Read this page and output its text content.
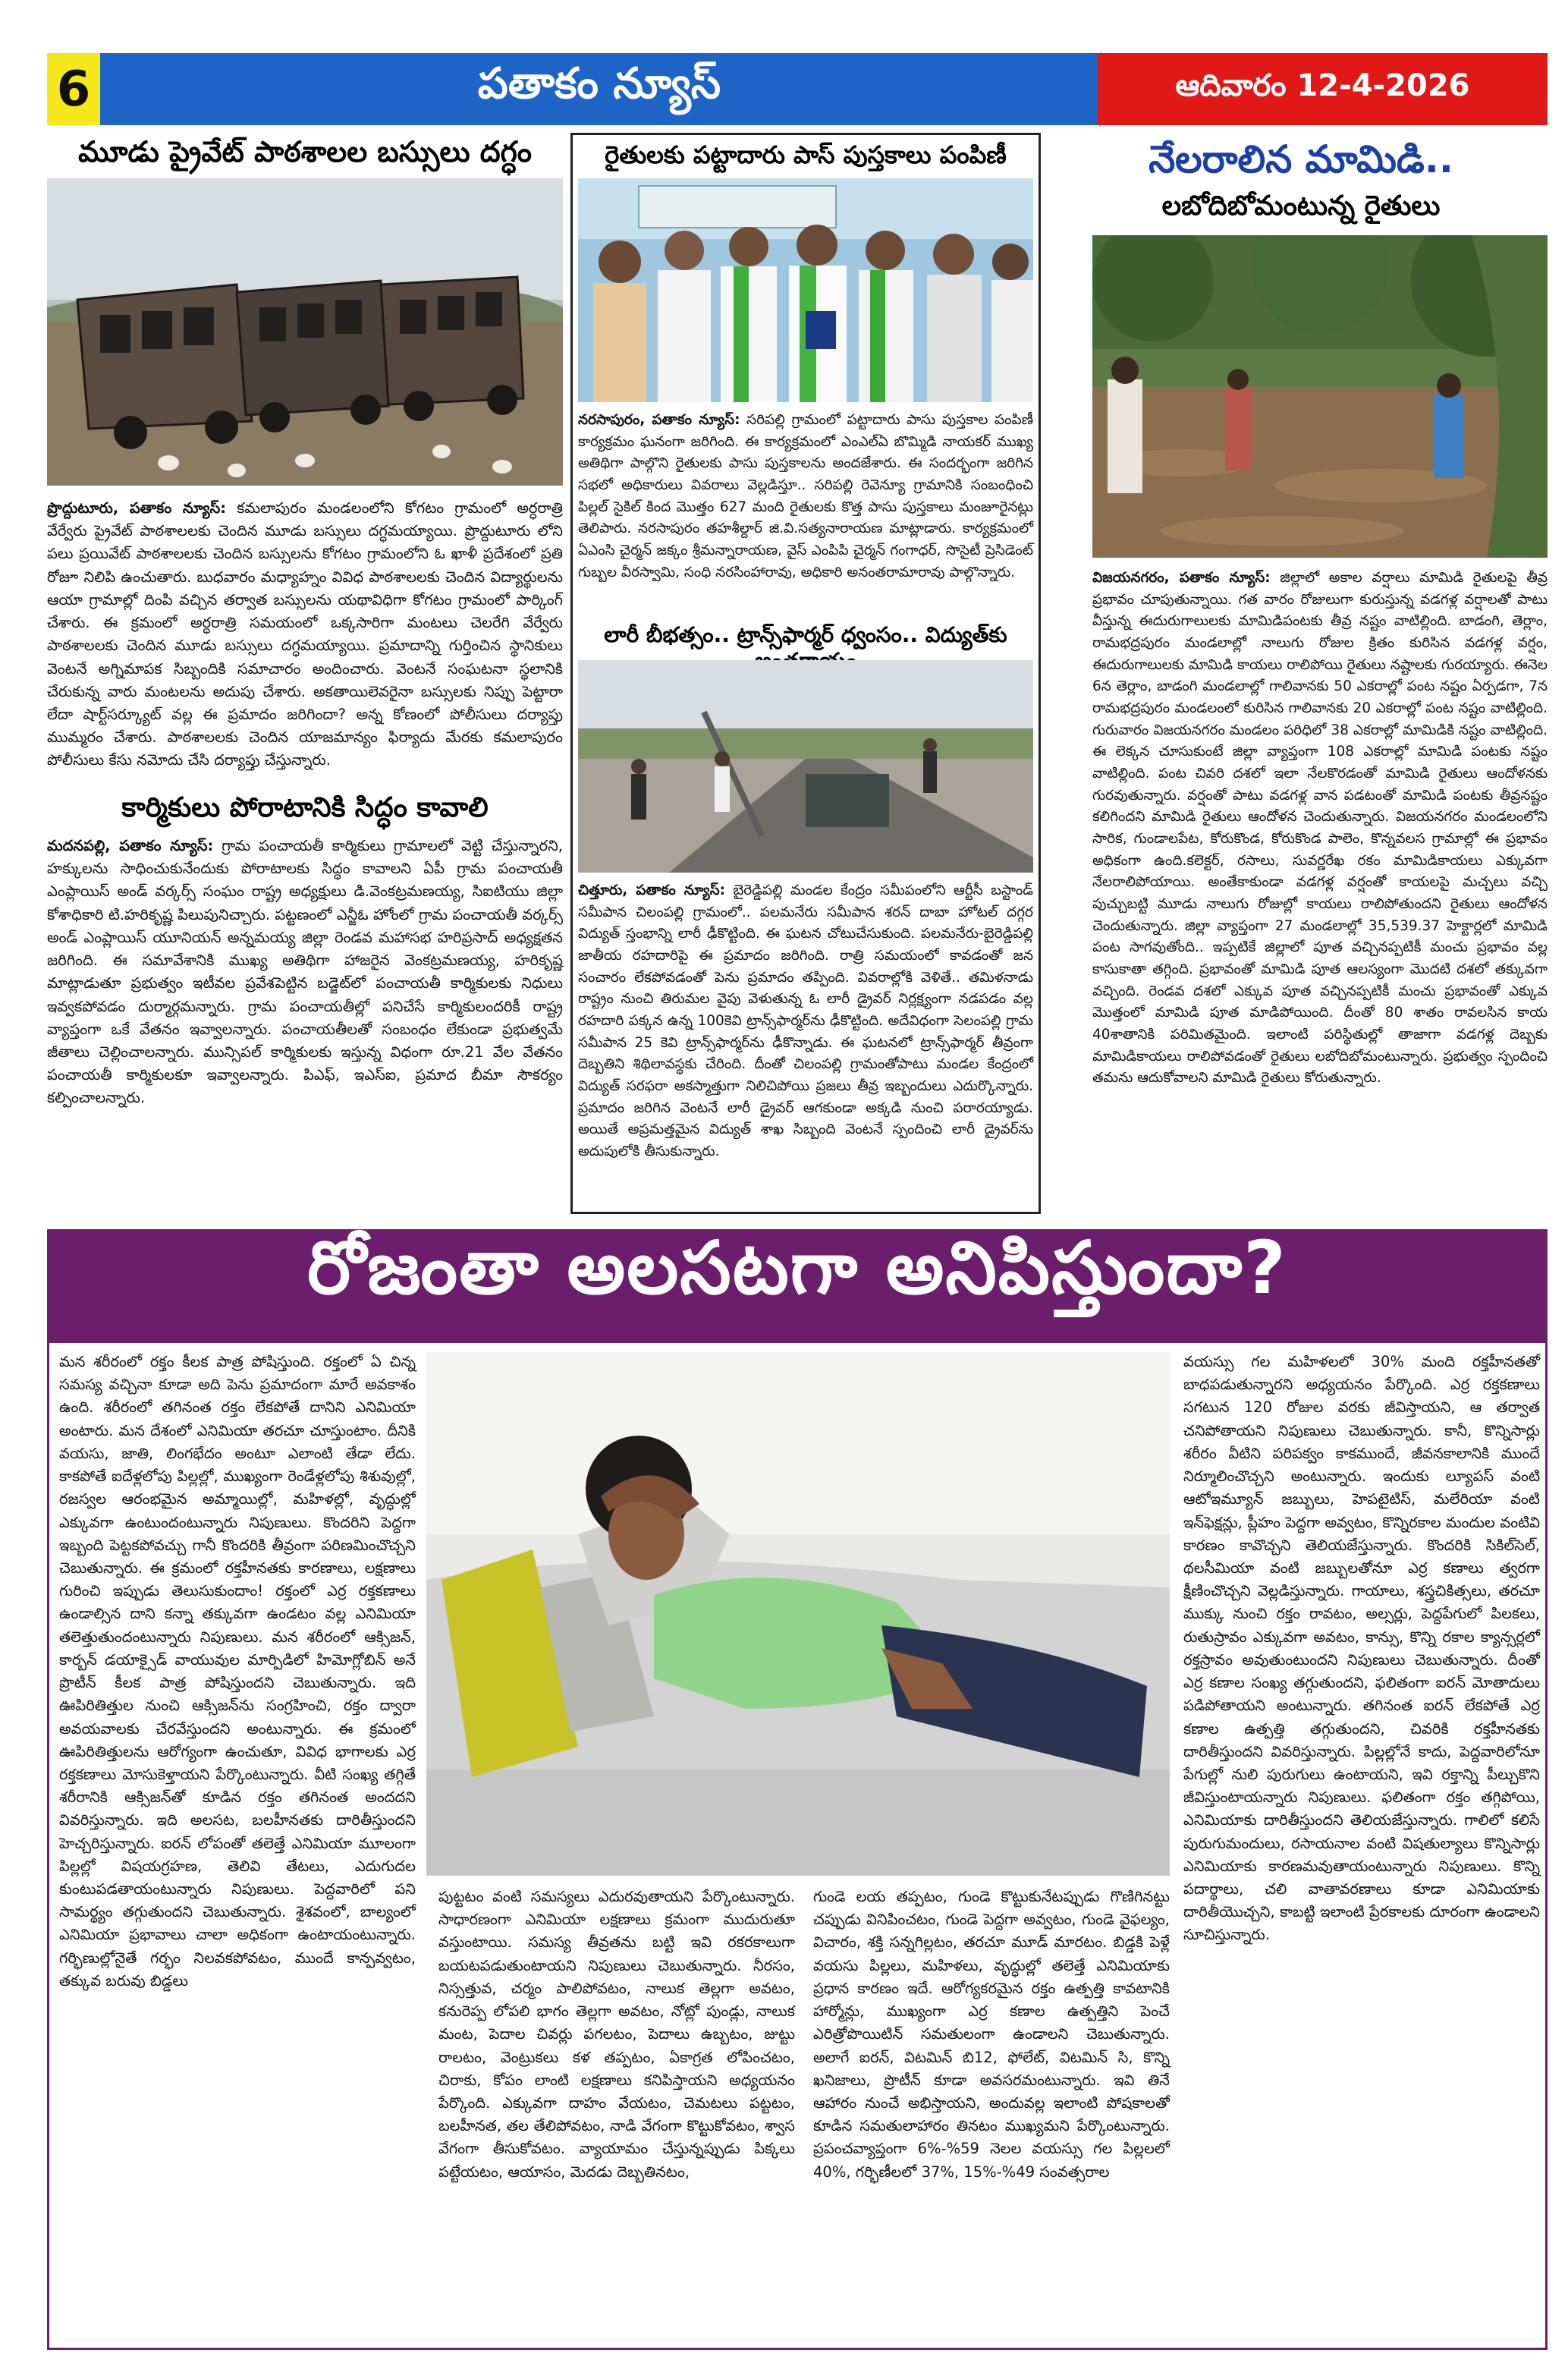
6	పతాకం న్యూస్	ఆదివారం 12-4-2026
మూడు ప్రైవేట్ పాఠశాలల బస్సులు దగ్ధం
ప్రొద్దుటూరు, పతాకం న్యూస్: కమలాపురం మండలంలోని కోగటం గ్రామంలో అర్ధరాత్రి వేర్వేరు ప్రైవేట్ పాఠశాలలకు చెందిన మూడు బస్సులు దగ్ధమయ్యాయి. ప్రొద్దుటూరు లోని పలు ప్రయివేట్ పాఠశాలలకు చెందిన బస్సులను కోగటం గ్రామంలోని ఓ ఖాళీ ప్రదేశంలో ప్రతి రోజూ నిలిపి ఉంచుతారు. బుధవారం మధ్యాహ్నం వివిధ పాఠశాలలకు చెందిన విద్యార్థులను ఆయా గ్రామాల్లో దింపి వచ్చిన తర్వాత బస్సులను యథావిధిగా కోగటం గ్రామంలో పార్కింగ్ చేశారు. ఈ క్రమంలో అర్ధరాత్రి సమయంలో ఒక్కసారిగా మంటలు చెలరేగి వేర్వేరు పాఠశాలలకు చెందిన మూడు బస్సులు దగ్ధమయ్యాయి. ప్రమాదాన్ని గుర్తించిన స్థానికులు వెంటనే అగ్నిమాపక సిబ్బందికి సమాచారం అందించారు. వెంటనే సంఘటనా స్థలానికి చేరుకున్న వారు మంటలను అదుపు చేశారు. అకతాయిలెవరైనా బస్సులకు నిప్పు పెట్టారా లేదా షార్ట్‌సర్క్యూట్ వల్ల ఈ ప్రమాదం జరిగిందా? అన్న కోణంలో పోలీసులు దర్యాప్తు ముమ్మరం చేశారు. పాఠశాలలకు చెందిన యాజమాన్యం ఫిర్యాదు మేరకు కమలాపురం పోలీసులు కేసు నమోదు చేసి దర్యాప్తు చేస్తున్నారు.
కార్మికులు పోరాటానికి సిద్ధం కావాలి
మదనపల్లి, పతాకం న్యూస్: గ్రామ పంచాయతీ కార్మికులు గ్రామాలలో వెట్టి చేస్తున్నారని, హక్కులను సాధించుకునేందుకు పోరాటాలకు సిద్ధం కావాలని ఏపీ గ్రామ పంచాయతీ ఎంప్లాయిస్ అండ్ వర్కర్స్ సంఘం రాష్ట్ర అధ్యక్షులు డి.వెంకట్రమణయ్య, సిఐటియు జిల్లా కోశాధికారి టి.హరికృష్ణ పిలుపునిచ్చారు. పట్టణంలో ఎన్జీఓ హోంలో గ్రామ పంచాయతీ వర్కర్స్ అండ్ ఎంప్లాయిస్ యూనియన్ అన్నమయ్య జిల్లా రెండవ మహాసభ హరిప్రసాద్ అధ్యక్షతన జరిగింది. ఈ సమావేశానికి ముఖ్య అతిథిగా హాజరైన వెంకట్రమణయ్య, హరికృష్ణ మాట్లాడుతూ ప్రభుత్వం ఇటీవల ప్రవేశపెట్టిన బడ్జెట్‌లో పంచాయతీ కార్మికులకు నిధులు ఇవ్వకపోవడం దుర్మార్గమన్నారు. గ్రామ పంచాయతీల్లో పనిచేసే కార్మికులందరికీ రాష్ట్ర వ్యాప్తంగా ఒకే వేతనం ఇవ్వాలన్నారు. పంచాయతీలతో సంబంధం లేకుండా ప్రభుత్వమే జీతాలు చెల్లించాలన్నారు. మున్సిపల్ కార్మికులకు ఇస్తున్న విధంగా రూ.21 వేల వేతనం పంచాయతీ కార్మికులకూ ఇవ్వాలన్నారు. పిఎఫ్, ఇఎస్ఐ, ప్రమాద బీమా సౌకర్యం కల్పించాలన్నారు.
రైతులకు పట్టాదారు పాస్ పుస్తకాలు పంపిణీ
నరసాపురం, పతాకం న్యూస్: సరిపల్లి గ్రామంలో పట్టాదారు పాసు పుస్తకాల పంపిణీ కార్యక్రమం ఘనంగా జరిగింది. ఈ కార్యక్రమంలో ఎంఎల్ఏ బొమ్మిడి నాయకర్ ముఖ్య అతిథిగా పాల్గొని రైతులకు పాసు పుస్తకాలను అందజేశారు. ఈ సందర్భంగా జరిగిన సభలో అధికారులు వివరాలు వెల్లడిస్తూ.. సరిపల్లి రెవెన్యూ గ్రామానికి సంబంధించి పిల్లల్ సైకిల్ కింద మొత్తం 627 మంది రైతులకు కొత్త పాసు పుస్తకాలు మంజూరైనట్లు తెలిపారు. నరసాపురం తహశీల్దార్ జి.వి.సత్యనారాయణ మాట్లాడారు. కార్యక్రమంలో ఏఎంసి చైర్మన్ జక్కం శ్రీమన్నారాయణ, వైస్ ఎంపిపి చైర్మన్ గంగాధర్, సొసైటీ ప్రెసిడెంట్ గుబ్బల వీరస్వామి, సంధి నరసింహారావు, అధికారి అనంతరామారావు పాల్గొన్నారు.
లారీ బీభత్సం.. ట్రాన్స్‌ఫార్మర్ ధ్వంసం.. విద్యుత్‌కు
చిత్తూరు, పతాకం న్యూస్: బైరెడ్డిపల్లి మండల కేంద్రం సమీపంలోని ఆర్టీసీ బస్టాండ్ సమీపాన చిలంపల్లి గ్రామంలో.. పలమనేరు సమీపాన శరన్ దాబా హోటల్ దగ్గర విద్యుత్ స్తంభాన్ని లారీ ఢీకొట్టింది. ఈ ఘటన చోటుచేసుకుంది. పలమనేరు-బైరెడ్డిపల్లి జాతీయ రహదారిపై ఈ ప్రమాదం జరిగింది. రాత్రి సమయంలో కావడంతో జన సంచారం లేకపోవడంతో పెను ప్రమాదం తప్పింది. వివరాల్లోకి వెళితే.. తమిళనాడు రాష్ట్రం నుంచి తిరుమల వైపు వెళుతున్న ఓ లారీ డ్రైవర్ నిర్లక్ష్యంగా నడపడం వల్ల రహదారి పక్కన ఉన్న 100కెవి ట్రాన్స్‌ఫార్మర్‌ను ఢీకొట్టింది. అదేవిధంగా సెలంపల్లి గ్రామ సమీపాన 25 కెవి ట్రాన్స్‌ఫార్మర్‌ను ఢీకొన్నాడు. ఈ ఘటనలో ట్రాన్స్‌ఫార్మర్ తీవ్రంగా దెబ్బతిని శిథిలావస్థకు చేరింది. దీంతో చిలంపల్లి గ్రామంతోపాటు మండల కేంద్రంలో విద్యుత్ సరఫరా అకస్మాత్తుగా నిలిచిపోయి ప్రజలు తీవ్ర ఇబ్బందులు ఎదుర్కొన్నారు. ప్రమాదం జరిగిన వెంటనే లారీ డ్రైవర్ ఆగకుండా అక్కడి నుంచి పరారయ్యాడు. అయితే అప్రమత్తమైన విద్యుత్ శాఖ సిబ్బంది వెంటనే స్పందించి లారీ డ్రైవర్‌ను అదుపులోకి తీసుకున్నారు.
నేలరాలిన మామిడి..
లబోదిబోమంటున్న రైతులు
విజయనగరం, పతాకం న్యూస్: జిల్లాలో అకాల వర్షాలు మామిడి రైతులపై తీవ్ర ప్రభావం చూపుతున్నాయి. గత వారం రోజులుగా కురుస్తున్న వడగళ్ల వర్షాలతో పాటు వీస్తున్న ఈదురుగాలులకు మామిడిపంటకు తీవ్ర నష్టం వాటిల్లింది. బాడంగి, తెర్లాం, రామభద్రపురం మండలాల్లో నాలుగు రోజుల క్రితం కురిసిన వడగళ్ల వర్షం, ఈదురుగాలులకు మామిడి కాయలు రాలిపోయి రైతులు నష్టాలకు గురయ్యారు. ఈనెల 6న తెర్లాం, బాడంగి మండలాల్లో గాలివానకు 50 ఎకరాల్లో పంట నష్టం ఏర్పడగా, 7న రామభద్రపురం మండలంలో కురిసిన గాలివానకు 20 ఎకరాల్లో పంట నష్టం వాటిల్లింది. గురువారం విజయనగరం మండలం పరిధిలో 38 ఎకరాల్లో మామిడికి నష్టం వాటిల్లింది. ఈ లెక్కన చూసుకుంటే జిల్లా వ్యాప్తంగా 108 ఎకరాల్లో మామిడి పంటకు నష్టం వాటిల్లింది. పంట చివరి దశలో ఇలా నేలకొరడంతో మామిడి రైతులు ఆందోళనకు గురవుతున్నారు. వర్షంతో పాటు వడగళ్ల వాన పడటంతో మామిడి పంటకు తీవ్రనష్టం కలిగిందని మామిడి రైతులు ఆందోళన చెందుతున్నారు. విజయనగరం మండలంలోని సారిక, గుండాలపేట, కోరుకొండ, కోరుకొండ పాలెం, కొన్నవలస గ్రామాల్లో ఈ ప్రభావం అధికంగా ఉంది.కలెక్టర్, రసాలు, సువర్ణరేఖ రకం మామిడికాయలు ఎక్కువగా నేలరాలిపోయాయి. అంతేకాకుండా వడగళ్ల వర్షంతో కాయలపై మచ్చలు వచ్చి పుచ్చుబట్టి మూడు నాలుగు రోజుల్లో కాయలు రాలిపోతుందని రైతులు ఆందోళన చెందుతున్నారు. జిల్లా వ్యాప్తంగా 27 మండలాల్లో 35,539.37 హెక్టార్లలో మామిడి పంట సాగవుతోంది.. ఇప్పటికే జిల్లాలో పూత వచ్చినప్పటికీ మంచు ప్రభావం వల్ల కాసుకాతా తగ్గింది. ప్రభావంతో మామిడి పూత ఆలస్యంగా మొదటి దశలో తక్కువగా వచ్చింది. రెండవ దశలో ఎక్కువ పూత వచ్చినప్పటికీ మంచు ప్రభావంతో ఎక్కువ మొత్తంలో మామిడి పూత మాడిపోయింది. దీంతో 80 శాతం రావలసిన కాయ 40శాతానికి పరిమితమైంది. ఇలాంటి పరిస్థితుల్లో తాజాగా వడగళ్ల దెబ్బకు మామిడికాయలు రాలిపోవడంతో రైతులు లబోదిబోమంటున్నారు. ప్రభుత్వం స్పందించి తమను ఆదుకోవాలని మామిడి రైతులు కోరుతున్నారు.
రోజంతా అలసటగా అనిపిస్తుందా?
మన శరీరంలో రక్తం కీలక పాత్ర పోషిస్తుంది. రక్తంలో ఏ చిన్న సమస్య వచ్చినా కూడా అది పెను ప్రమాదంగా మారే అవకాశం ఉంది. శరీరంలో తగినంత రక్తం లేకపోతే దానిని ఎనిమియా అంటారు. మన దేశంలో ఎనిమియా తరచూ చూస్తుంటాం. దీనికి వయసు, జాతి, లింగభేదం అంటూ ఎలాంటి తేడా లేదు. కాకపోతే ఐదేళ్లలోపు పిల్లల్లో, ముఖ్యంగా రెండేళ్లలోపు శిశువుల్లో, రజస్వల ఆరంభమైన అమ్మాయిల్లో, మహిళల్లో, వృద్ధుల్లో ఎక్కువగా ఉంటుందంటున్నారు నిపుణులు. కొందరిని పెద్దగా ఇబ్బంది పెట్టకపోవచ్చు గానీ కొందరికి తీవ్రంగా పరిణమించొచ్చని చెబుతున్నారు. ఈ క్రమంలో రక్తహీనతకు కారణాలు, లక్షణాలు గురించి ఇప్పుడు తెలుసుకుందాం! రక్తంలో ఎర్ర రక్తకణాలు ఉండాల్సిన దాని కన్నా తక్కువగా ఉండటం వల్ల ఎనిమియా తలెత్తుతుందంటున్నారు నిపుణులు. మన శరీరంలో ఆక్సిజన్, కార్బన్ డయాక్సైడ్ వాయువుల మార్పిడిలో హిమోగ్లోబిన్ అనే ప్రొటీన్ కీలక పాత్ర పోషిస్తుందని చెబుతున్నారు. ఇది ఊపిరితిత్తుల నుంచి ఆక్సిజన్‌ను సంగ్రహించి, రక్తం ద్వారా అవయవాలకు చేరవేస్తుందని అంటున్నారు. ఈ క్రమంలో ఊపిరితిత్తులను ఆరోగ్యంగా ఉంచుతూ, వివిధ భాగాలకు ఎర్ర రక్తకణాలు మోసుకెళ్తాయని పేర్కొంటున్నారు. వీటి సంఖ్య తగ్గితే శరీరానికి ఆక్సిజన్‌తో కూడిన రక్తం తగినంత అందదని వివరిస్తున్నారు. ఇది అలసట, బలహీనతకు దారితీస్తుందని హెచ్చరిస్తున్నారు. ఐరన్ లోపంతో తలెత్తే ఎనిమియా మూలంగా పిల్లల్లో విషయగ్రహణ, తెలివి తేటలు, ఎదుగుదల కుంటుపడతాయంటున్నారు నిపుణులు. పెద్దవారిలో పని సామర్థ్యం తగ్గుతుందని చెబుతున్నారు. శైశవంలో, బాల్యంలో ఎనిమియా ప్రభావాలు చాలా అధికంగా ఉంటాయంటున్నారు. గర్భిణుల్లోనైతే గర్భం నిలవకపోవటం, ముందే కాన్పవ్వటం, తక్కువ బరువు బిడ్డలు
పుట్టటం వంటి సమస్యలు ఎదురవుతాయని పేర్కొంటున్నారు. సాధారణంగా ఎనిమియా లక్షణాలు క్రమంగా ముదురుతూ వస్తుంటాయి. సమస్య తీవ్రతను బట్టి ఇవి రకరకాలుగా బయటపడుతుంటాయని నిపుణులు చెబుతున్నారు. నీరసం, నిస్సత్తువ, చర్మం పాలిపోవటం, నాలుక తెల్లగా అవటం, కనురెప్ప లోపలి భాగం తెల్లగా అవటం, నోట్లో పుండ్లు, నాలుక మంట, పెదాల చివర్లు పగలటం, పెదాలు ఉబ్బటం, జుట్టు రాలటం, వెంట్రుకలు కళ తప్పటం, ఏకాగ్రత లోపించటం, చిరాకు, కోపం లాంటి లక్షణాలు కనిపిస్తాయని అధ్యయనం పేర్కొంది. ఎక్కువగా దాహం వేయటం, చెమటలు పట్టటం, బలహీనత, తల తేలిపోవటం, నాడి వేగంగా కొట్టుకోవటం, శ్వాస వేగంగా తీసుకోవటం. వ్యాయామం చేస్తున్నప్పుడు పిక్కలు పట్టేయటం, ఆయాసం, మెదడు దెబ్బతినటం,
గుండె లయ తప్పటం, గుండె కొట్టుకునేటప్పుడు గొణిగినట్టు చప్పుడు వినిపించటం, గుండె పెద్దగా అవ్వటం, గుండె వైఫల్యం, విచారం, శక్తి సన్నగిల్లటం, తరచూ మూడ్ మారటం. బిడ్డకి పెళ్లే వయసు పిల్లలు, మహిళలు, వృద్ధుల్లో తలెత్తే ఎనిమియాకు ప్రధాన కారణం ఇదే. ఆరోగ్యకరమైన రక్తం ఉత్పత్తి కావటానికి హార్మోన్లు, ముఖ్యంగా ఎర్ర కణాల ఉత్పత్తిని పెంచే ఎరిత్రోపొయిటిన్ సమతులంగా ఉండాలని చెబుతున్నారు. అలాగే ఐరన్, విటమిన్ బి12, ఫోలేట్, విటమిన్ సి, కొన్ని ఖనిజాలు, ప్రొటీన్ కూడా అవసరమంటున్నారు. ఇవి తినే ఆహారం నుంచే అభిస్తాయని, అందువల్ల ఇలాంటి పోషకాలతో కూడిన సమతులాహారం తినటం ముఖ్యమని పేర్కొంటున్నారు. ప్రపంచవ్యాప్తంగా 6%-%59 నెలల వయస్సు గల పిల్లలలో 40%, గర్భిణీలలో 37%, 15%-%49 సంవత్సరాల
వయస్సు గల మహిళలలో 30% మంది రక్తహీనతతో బాధపడుతున్నారని అధ్యయనం పేర్కొంది. ఎర్ర రక్తకణాలు సగటున 120 రోజుల వరకు జీవిస్తాయని, ఆ తర్వాత చనిపోతాయని నిపుణులు చెబుతున్నారు. కానీ, కొన్నిసార్లు శరీరం వీటిని పరిపక్వం కాకముందే, జీవనకాలానికి ముందే నిర్మూలించొచ్చని అంటున్నారు. ఇందుకు ల్యూపస్ వంటి ఆటోఇమ్యూన్ జబ్బులు, హెపటైటిస్, మలేరియా వంటి ఇన్‌ఫెక్షన్లు, ప్లీహం పెద్దగా అవ్వటం, కొన్నిరకాల మందుల వంటివి కారణం కావొచ్చని తెలియజేస్తున్నారు. కొందరికి సికిల్‌సెల్, థలసీమియా వంటి జబ్బులతోనూ ఎర్ర కణాలు త్వరగా క్షీణించొచ్చని వెల్లడిస్తున్నారు. గాయాలు, శస్త్రచికిత్సలు, తరచూ ముక్కు నుంచి రక్తం రావటం, అల్సర్లు, పెద్దపేగులో పిలకలు, రుతుస్రావం ఎక్కువగా అవటం, కాన్సు, కొన్ని రకాల క్యాన్సర్లలో రక్తస్రావం అవుతుంటుందని నిపుణులు చెబుతున్నారు. దీంతో ఎర్ర కణాల సంఖ్య తగ్గుతుందని, ఫలితంగా ఐరన్ మోతాదులు పడిపోతాయని అంటున్నారు. తగినంత ఐరన్ లేకపోతే ఎర్ర కణాల ఉత్పత్తి తగ్గుతుందని, చివరికి రక్తహీనతకు దారితీస్తుందని వివరిస్తున్నారు. పిల్లల్లోనే కాదు, పెద్దవారిలోనూ పేగుల్లో నులి పురుగులు ఉంటాయని, ఇవి రక్తాన్ని పీల్చుకొని జీవిస్తుంటాయన్నారు నిపుణులు. ఫలితంగా రక్తం తగ్గిపోయి, ఎనిమియాకు దారితీస్తుందని తెలియజేస్తున్నారు. గాలిలో కలిసే పురుగుమందులు, రసాయనాల వంటి విషతుల్యాలు కొన్నిసార్లు ఎనిమియాకు కారణమవుతాయంటున్నారు నిపుణులు. కొన్ని పదార్థాలు, చలి వాతావరణాలు కూడా ఎనిమియాకు దారితీయొచ్చని, కాబట్టి ఇలాంటి ప్రేరకాలకు దూరంగా ఉండాలని సూచిస్తున్నారు.
